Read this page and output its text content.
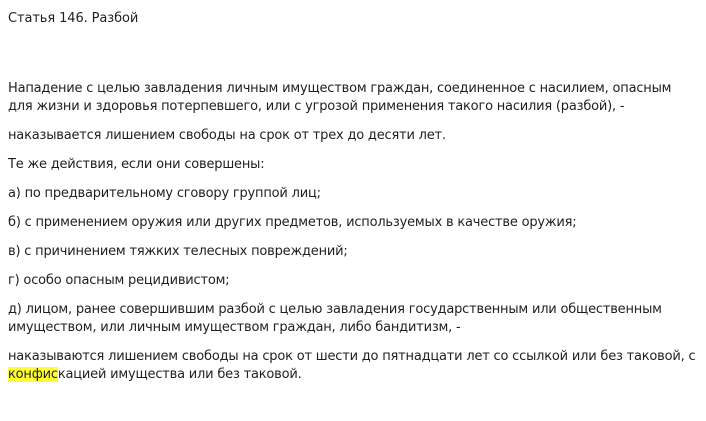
Статья 146. Разбой

Нападение с целью завладения личным имуществом граждан, соединенное с насилием, опасным для жизни и здоровья потерпевшего, или с угрозой применения такого насилия (разбой), -

наказывается лишением свободы на срок от трех до десяти лет.

Те же действия, если они совершены:

а) по предварительному сговору группой лиц;

б) с применением оружия или других предметов, используемых в качестве оружия;

в) с причинением тяжких телесных повреждений;

г) особо опасным рецидивистом;

д) лицом, ранее совершившим разбой с целью завладения государственным или общественным имуществом, или личным имуществом граждан, либо бандитизм, -

наказываются лишением свободы на срок от шести до пятнадцати лет со ссылкой или без таковой, с конфискацией имущества или без таковой.
